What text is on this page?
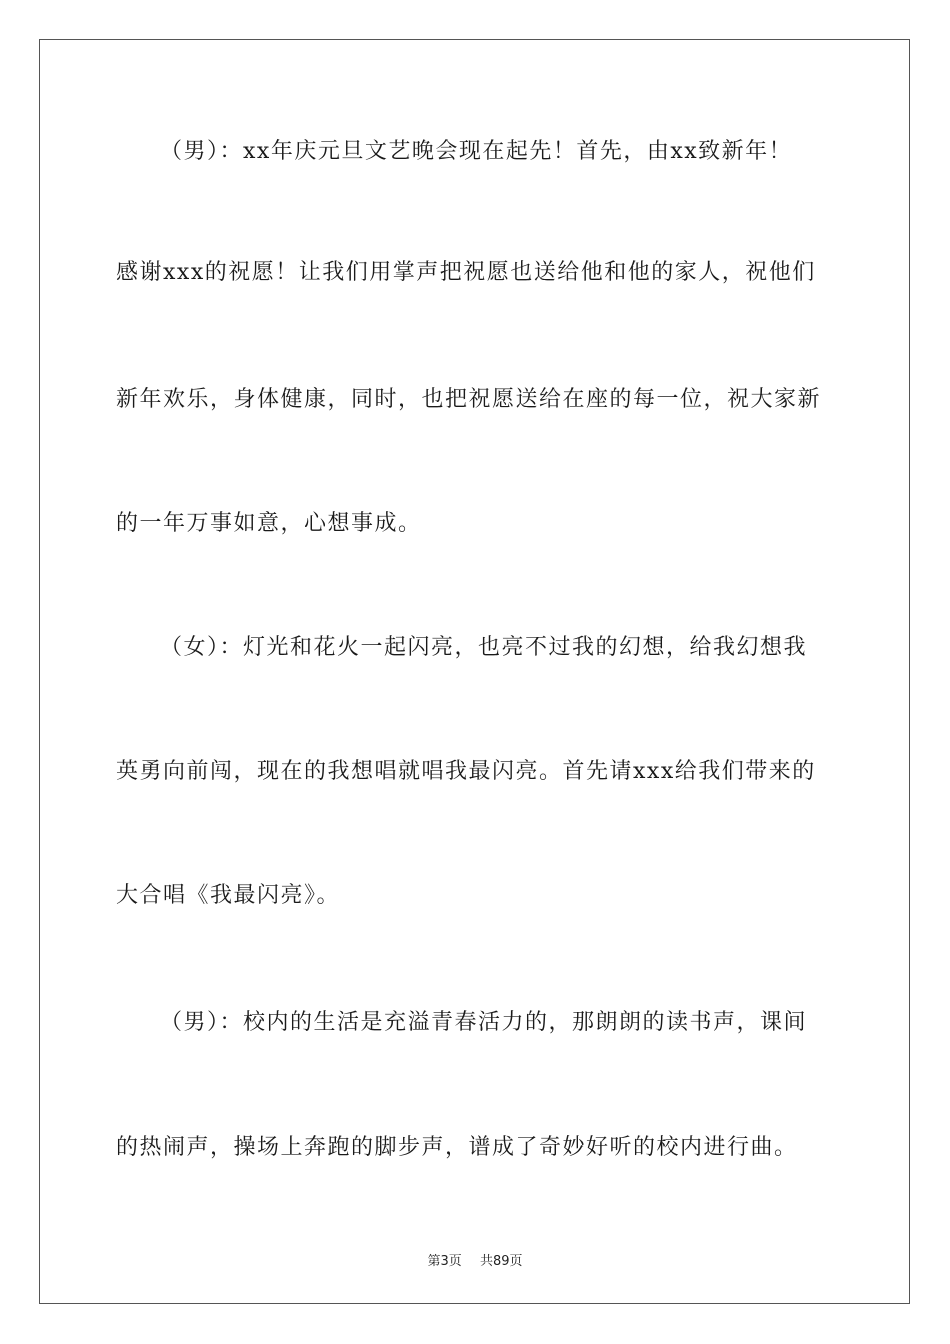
（男）：xx年庆元旦文艺晚会现在起先！首先，由xx致新年！
感谢xxx的祝愿！让我们用掌声把祝愿也送给他和他的家人，祝他们
新年欢乐，身体健康，同时，也把祝愿送给在座的每一位，祝大家新
的一年万事如意，心想事成。
（女）：灯光和花火一起闪亮，也亮不过我的幻想，给我幻想我
英勇向前闯，现在的我想唱就唱我最闪亮。首先请xxx给我们带来的
大合唱《我最闪亮》。
（男）：校内的生活是充溢青春活力的，那朗朗的读书声，课间
的热闹声，操场上奔跑的脚步声，谱成了奇妙好听的校内进行曲。
第3页 共89页
